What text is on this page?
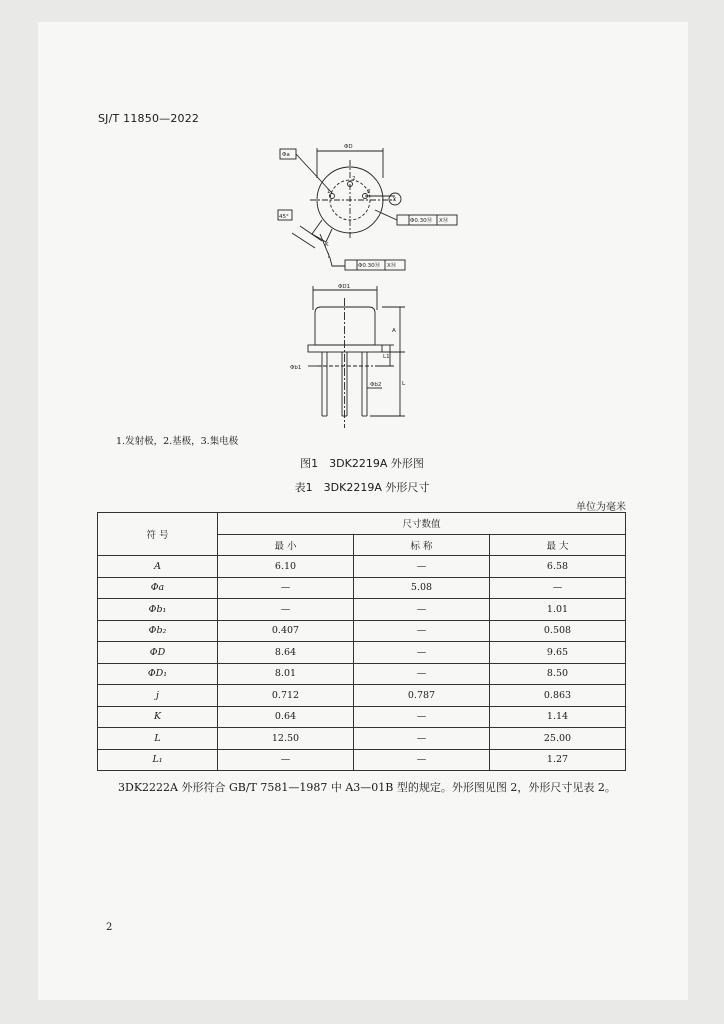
SJ/T 11850—2022
Φa
ΦD
45°
K
j
1
2
3
X
Φ0.30Ⓜ XⓂ
Φ0.30Ⓜ XⓂ
ΦD1
Φb1
Φb2
A
L1
L
1.发射极，2.基极，3.集电极
图1　3DK2219A 外形图
表1　3DK2219A 外形尺寸
单位为毫米
符 号	尺寸数值		
	最 小	标 称	最 大
A	6.10	—	6.58
Φa	—	5.08	—
Φb₁	—	—	1.01
Φb₂	0.407	—	0.508
ΦD	8.64	—	9.65
ΦD₁	8.01	—	8.50
j	0.712	0.787	0.863
K	0.64	—	1.14
L	12.50	—	25.00
L₁	—	—	1.27
3DK2222A 外形符合 GB/T 7581—1987 中 A3—01B 型的规定。外形图见图 2，外形尺寸见表 2。
2
